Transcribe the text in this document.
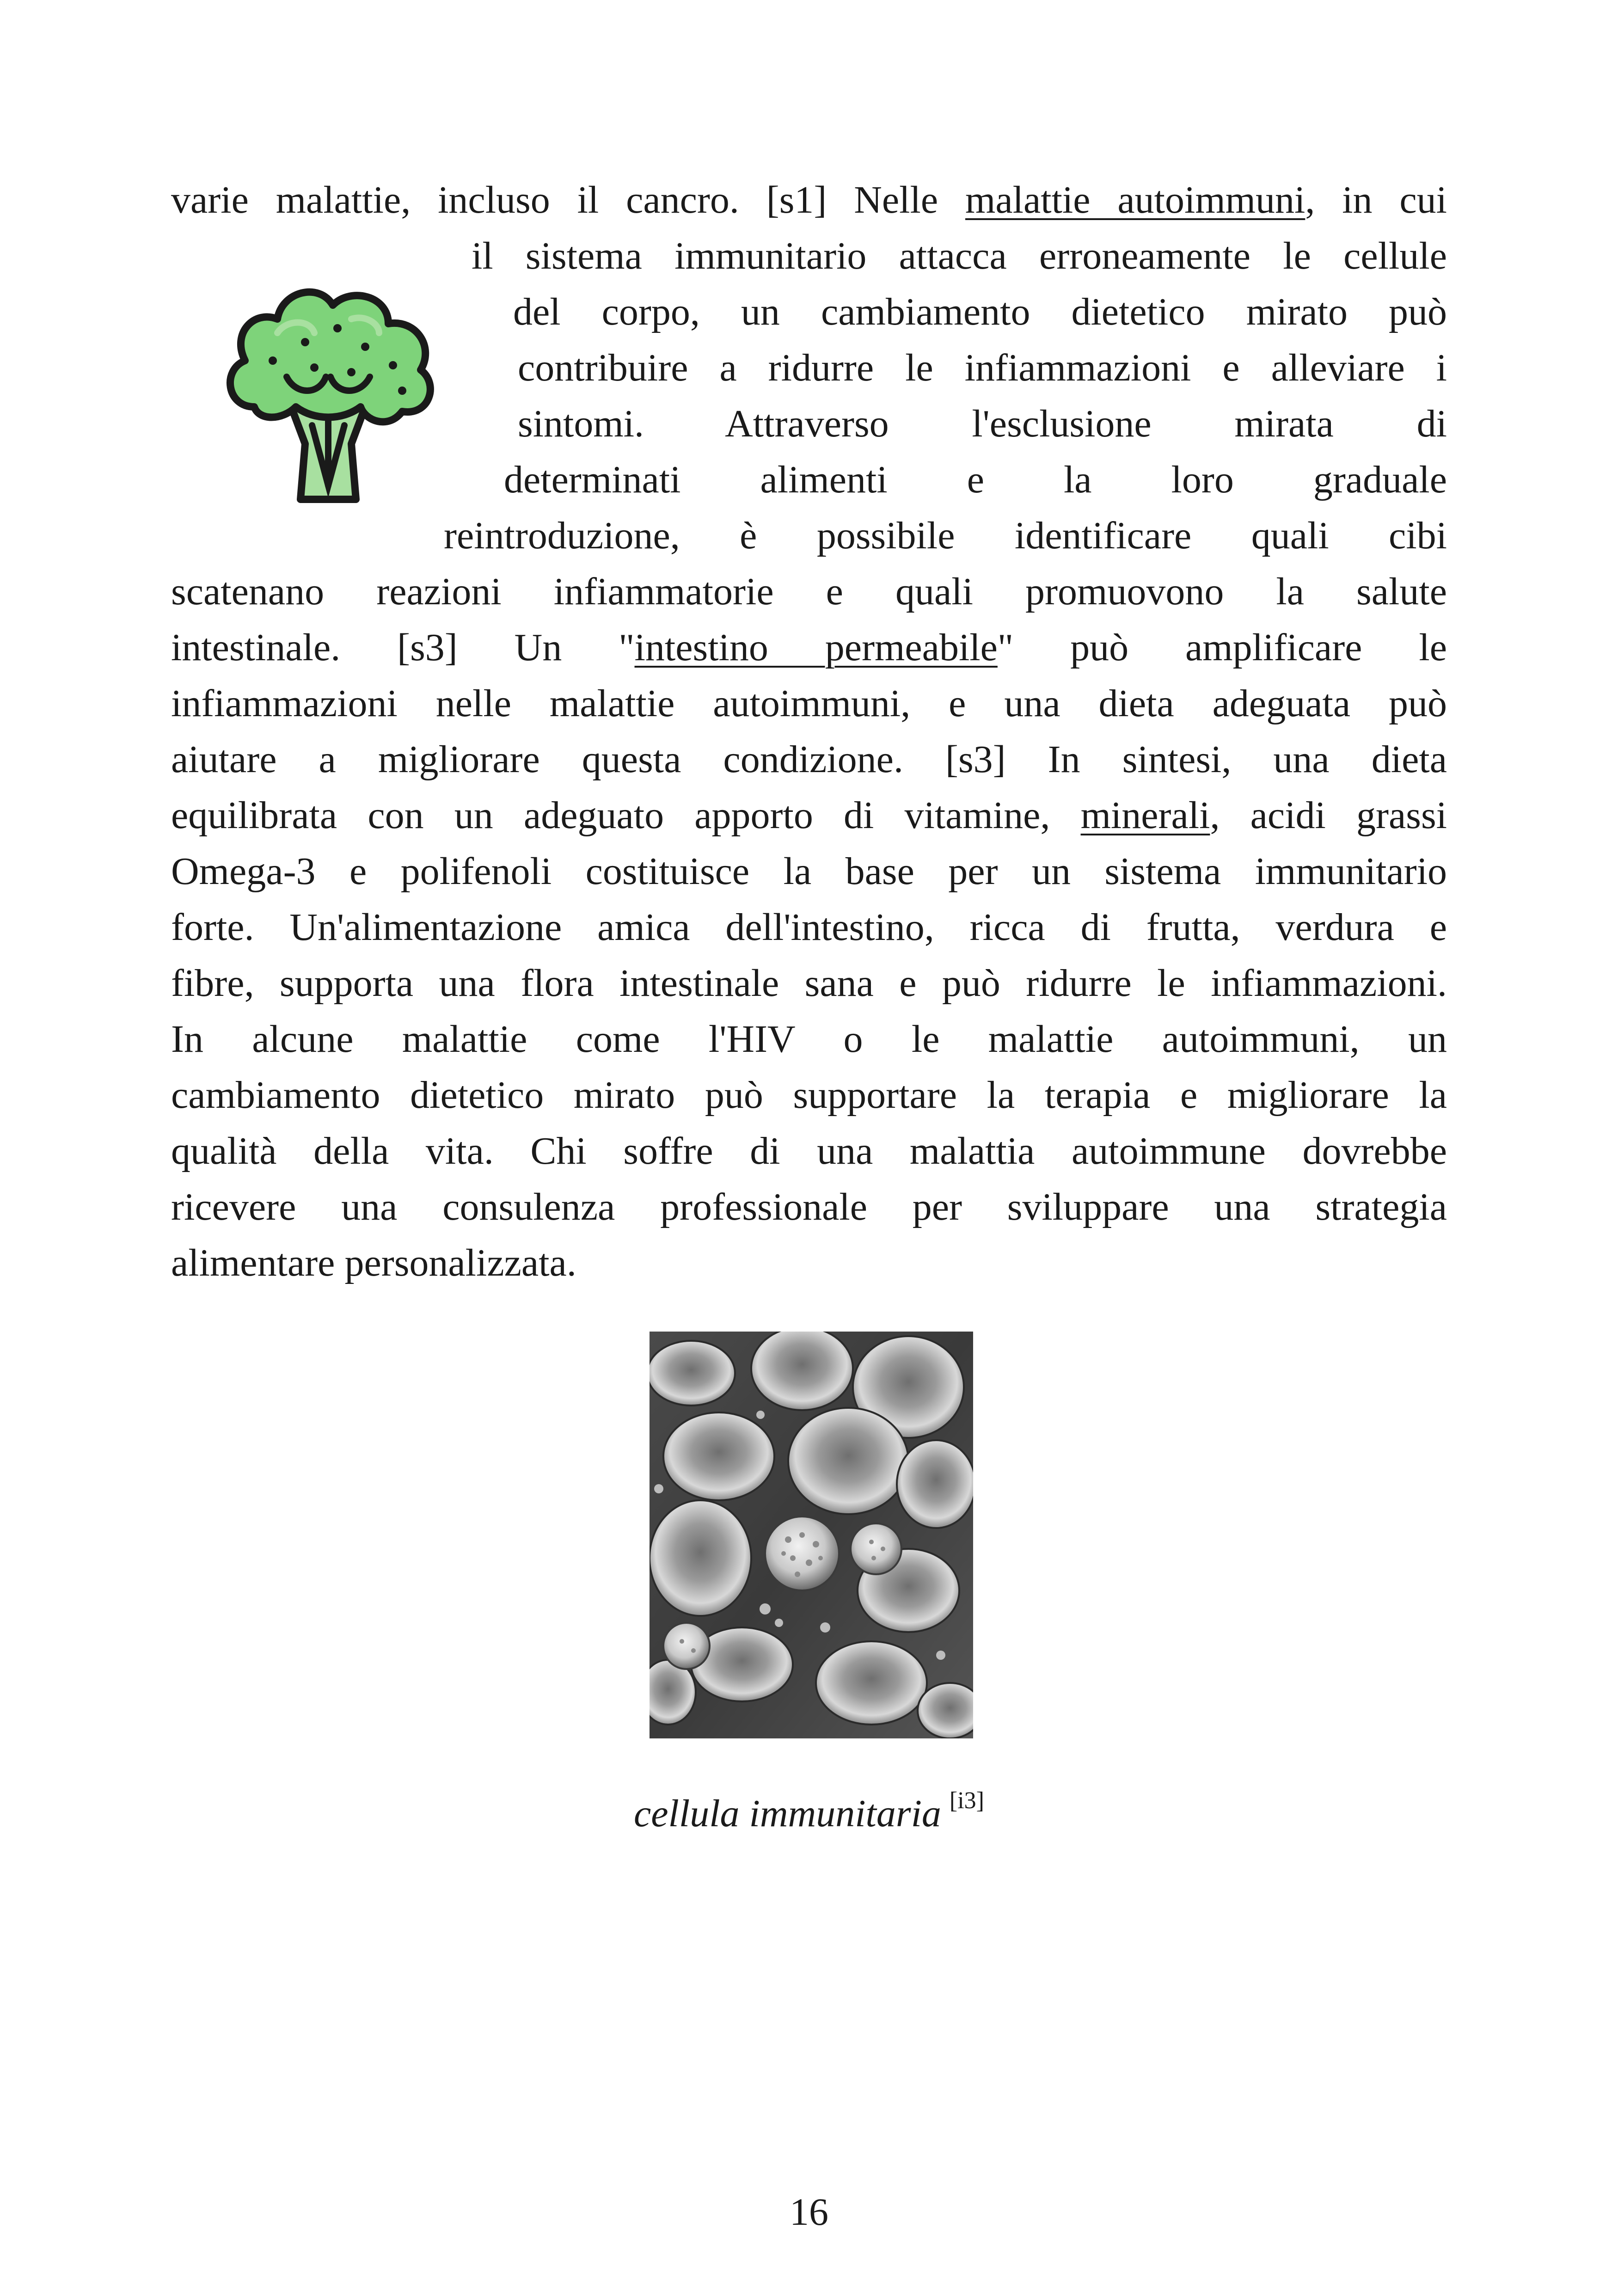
varie malattie, incluso il cancro. [s1] Nelle malattie autoimmuni, in cui
il sistema immunitario attacca erroneamente le cellule
del corpo, un cambiamento dietetico mirato può
contribuire a ridurre le infiammazioni e alleviare i
sintomi. Attraverso l'esclusione mirata di
determinati alimenti e la loro graduale
reintroduzione, è possibile identificare quali cibi
scatenano reazioni infiammatorie e quali promuovono la salute
intestinale. [s3] Un "intestino permeabile" può amplificare le
infiammazioni nelle malattie autoimmuni, e una dieta adeguata può
aiutare a migliorare questa condizione. [s3] In sintesi, una dieta
equilibrata con un adeguato apporto di vitamine, minerali, acidi grassi
Omega-3 e polifenoli costituisce la base per un sistema immunitario
forte. Un'alimentazione amica dell'intestino, ricca di frutta, verdura e
fibre, supporta una flora intestinale sana e può ridurre le infiammazioni.
In alcune malattie come l'HIV o le malattie autoimmuni, un
cambiamento dietetico mirato può supportare la terapia e migliorare la
qualità della vita. Chi soffre di una malattia autoimmune dovrebbe
ricevere una consulenza professionale per sviluppare una strategia
alimentare personalizzata.
cellula immunitaria [i3]
16
